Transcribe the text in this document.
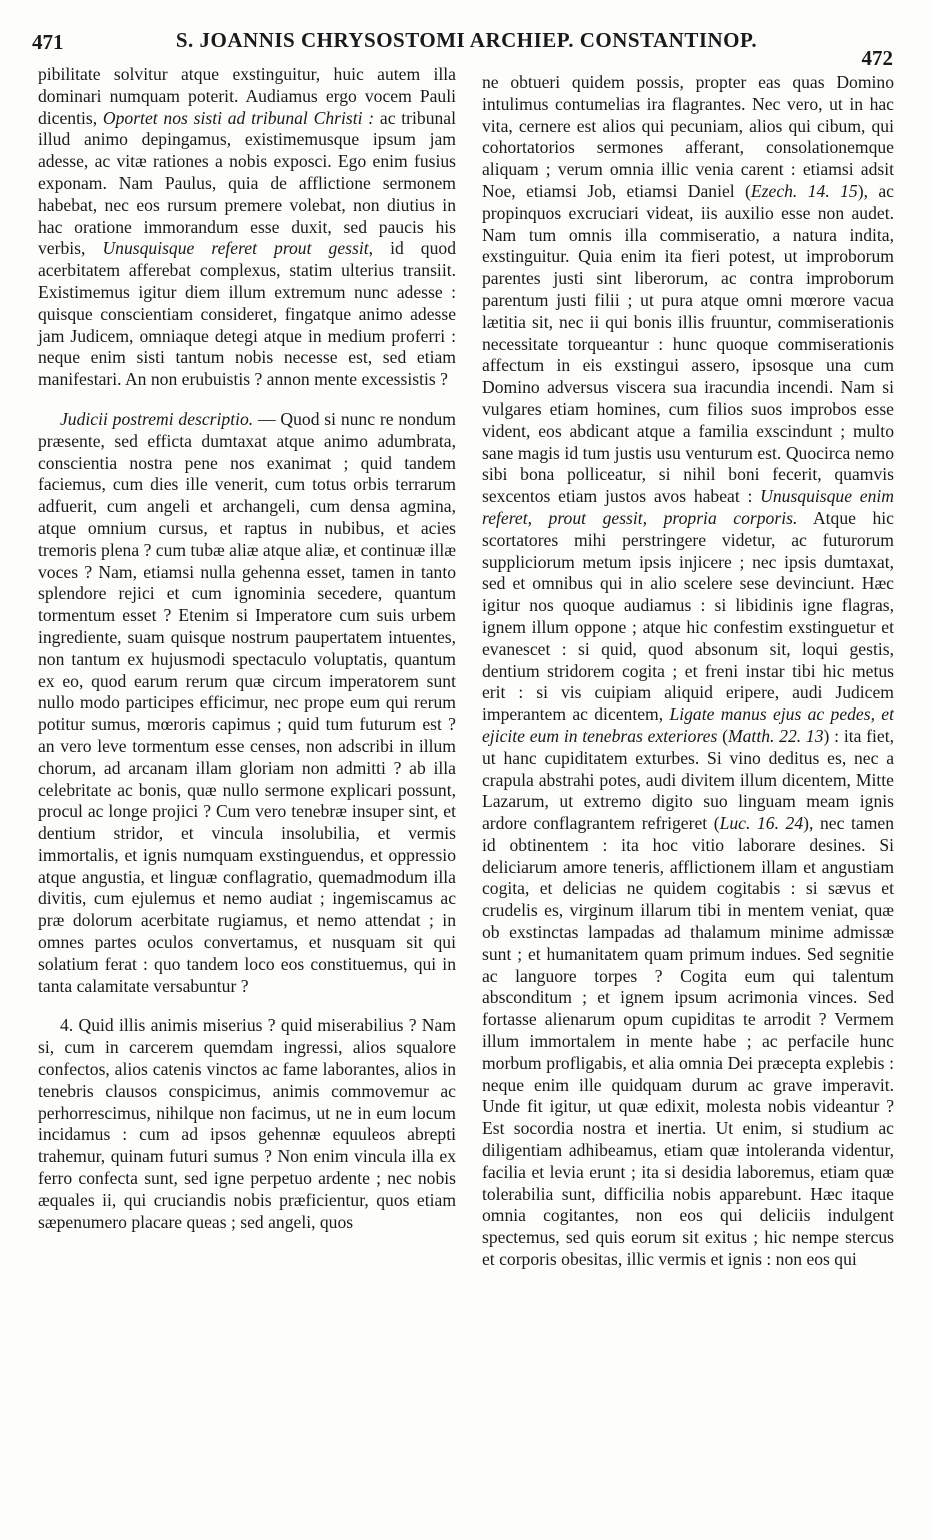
471	S. JOANNIS CHRYSOSTOMI ARCHIEP. CONSTANTINOP.
472

pibilitate solvitur atque exstinguitur, huic autem illa dominari numquam poterit. Audiamus ergo vocem Pauli dicentis, Oportet nos sisti ad tribunal Christi : ac tribunal illud animo depingamus, existimemusque ipsum jam adesse, ac vitæ rationes a nobis exposci. Ego enim fusius exponam. Nam Paulus, quia de afflictione sermonem habebat, nec eos rursum premere volebat, non diutius in hac oratione immorandum esse duxit, sed paucis his verbis, Unusquisque referet prout gessit, id quod acerbitatem afferebat complexus, statim ulterius transiit. Existimemus igitur diem illum extremum nunc adesse : quisque conscientiam consideret, fingatque animo adesse jam Judicem, omniaque detegi atque in medium proferri : neque enim sisti tantum nobis necesse est, sed etiam manifestari. An non erubuistis ? annon mente excessistis ?

Judicii postremi descriptio. — Quod si nunc re nondum præsente, sed efficta dumtaxat atque animo adumbrata, conscientia nostra pene nos exanimat ; quid tandem faciemus, cum dies ille venerit, cum totus orbis terrarum adfuerit, cum angeli et archangeli, cum densa agmina, atque omnium cursus, et raptus in nubibus, et acies tremoris plena ? cum tubæ aliæ atque aliæ, et continuæ illæ voces ? Nam, etiamsi nulla gehenna esset, tamen in tanto splendore rejici et cum ignominia secedere, quantum tormentum esset ? Etenim si Imperatore cum suis urbem ingrediente, suam quisque nostrum paupertatem intuentes, non tantum ex hujusmodi spectaculo voluptatis, quantum ex eo, quod earum rerum quæ circum imperatorem sunt nullo modo participes efficimur, nec prope eum qui rerum potitur sumus, mœroris capimus ; quid tum futurum est ? an vero leve tormentum esse censes, non adscribi in illum chorum, ad arcanam illam gloriam non admitti ? ab illa celebritate ac bonis, quæ nullo sermone explicari possunt, procul ac longe projici ? Cum vero tenebræ insuper sint, et dentium stridor, et vincula insolubilia, et vermis immortalis, et ignis numquam exstinguendus, et oppressio atque angustia, et linguæ conflagratio, quemadmodum illa divitis, cum ejulemus et nemo audiat ; ingemiscamus ac præ dolorum acerbitate rugiamus, et nemo attendat ; in omnes partes oculos convertamus, et nusquam sit qui solatium ferat : quo tandem loco eos constituemus, qui in tanta calamitate versabuntur ?

4. Quid illis animis miserius ? quid miserabilius ? Nam si, cum in carcerem quemdam ingressi, alios squalore confectos, alios catenis vinctos ac fame laborantes, alios in tenebris clausos conspicimus, animis commovemur ac perhorrescimus, nihilque non facimus, ut ne in eum locum incidamus : cum ad ipsos gehennæ equuleos abrepti trahemur, quinam futuri sumus ? Non enim vincula illa ex ferro confecta sunt, sed igne perpetuo ardente ; nec nobis æquales ii, qui cruciandis nobis præficientur, quos etiam sæpenumero placare queas ; sed angeli, quos

ne obtueri quidem possis, propter eas quas Domino intulimus contumelias ira flagrantes. Nec vero, ut in hac vita, cernere est alios qui pecuniam, alios qui cibum, qui cohortatorios sermones afferant, consolationemque aliquam ; verum omnia illic venia carent : etiamsi adsit Noe, etiamsi Job, etiamsi Daniel (Ezech. 14. 15), ac propinquos excruciari videat, iis auxilio esse non audet. Nam tum omnis illa commiseratio, a natura indita, exstinguitur. Quia enim ita fieri potest, ut improborum parentes justi sint liberorum, ac contra improborum parentum justi filii ; ut pura atque omni mœrore vacua lætitia sit, nec ii qui bonis illis fruuntur, commiserationis necessitate torqueantur : hunc quoque commiserationis affectum in eis exstingui assero, ipsosque una cum Domino adversus viscera sua iracundia incendi. Nam si vulgares etiam homines, cum filios suos improbos esse vident, eos abdicant atque a familia exscindunt ; multo sane magis id tum justis usu venturum est. Quocirca nemo sibi bona polliceatur, si nihil boni fecerit, quamvis sexcentos etiam justos avos habeat : Unusquisque enim referet, prout gessit, propria corporis. Atque hic scortatores mihi perstringere videtur, ac futurorum suppliciorum metum ipsis injicere ; nec ipsis dumtaxat, sed et omnibus qui in alio scelere sese devinciunt. Hæc igitur nos quoque audiamus : si libidinis igne flagras, ignem illum oppone ; atque hic confestim exstinguetur et evanescet : si quid, quod absonum sit, loqui gestis, dentium stridorem cogita ; et freni instar tibi hic metus erit : si vis cuipiam aliquid eripere, audi Judicem imperantem ac dicentem, Ligate manus ejus ac pedes, et ejicite eum in tenebras exteriores (Matth. 22. 13) : ita fiet, ut hanc cupiditatem exturbes. Si vino deditus es, nec a crapula abstrahi potes, audi divitem illum dicentem, Mitte Lazarum, ut extremo digito suo linguam meam ignis ardore conflagrantem refrigeret (Luc. 16. 24), nec tamen id obtinentem : ita hoc vitio laborare desines. Si deliciarum amore teneris, afflictionem illam et angustiam cogita, et delicias ne quidem cogitabis : si sævus et crudelis es, virginum illarum tibi in mentem veniat, quæ ob exstinctas lampadas ad thalamum minime admissæ sunt ; et humanitatem quam primum indues. Sed segnitie ac languore torpes ? Cogita eum qui talentum absconditum ; et ignem ipsum acrimonia vinces. Sed fortasse alienarum opum cupiditas te arrodit ? Vermem illum immortalem in mente habe ; ac perfacile hunc morbum profligabis, et alia omnia Dei præcepta explebis : neque enim ille quidquam durum ac grave imperavit. Unde fit igitur, ut quæ edixit, molesta nobis videantur ? Est socordia nostra et inertia. Ut enim, si studium ac diligentiam adhibeamus, etiam quæ intoleranda videntur, facilia et levia erunt ; ita si desidia laboremus, etiam quæ tolerabilia sunt, difficilia nobis apparebunt. Hæc itaque omnia cogitantes, non eos qui deliciis indulgent spectemus, sed quis eorum sit exitus ; hic nempe stercus et corporis obesitas, illic vermis et ignis : non eos qui
